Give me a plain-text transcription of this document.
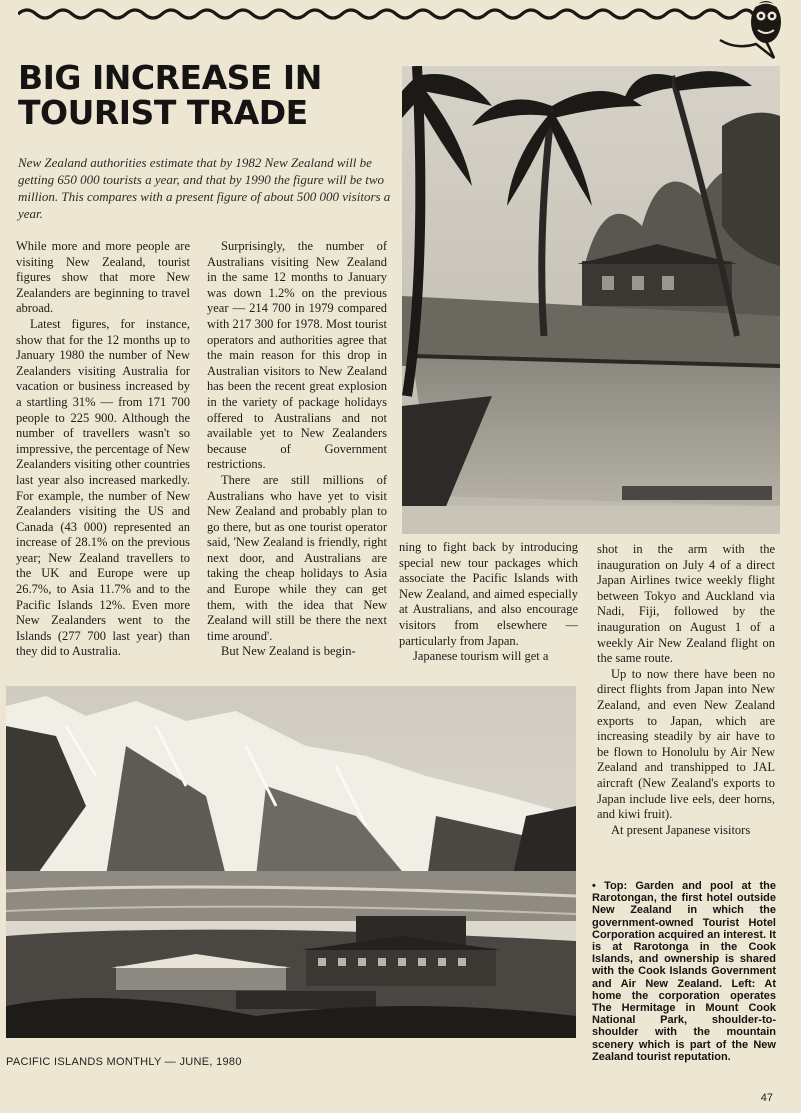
BIG INCREASE IN TOURIST TRADE

New Zealand authorities estimate that by 1982 New Zealand will be getting 650 000 tourists a year, and that by 1990 the figure will be two million. This compares with a present figure of about 500 000 visitors a year.

While more and more people are visiting New Zealand, tourist figures show that more New Zealanders are beginning to travel abroad.

Latest figures, for instance, show that for the 12 months up to January 1980 the number of New Zealanders visiting Australia for vacation or business increased by a startling 31% — from 171 700 people to 225 900. Although the number of travellers wasn't so impressive, the percentage of New Zealanders visiting other countries last year also increased markedly. For example, the number of New Zealanders visiting the US and Canada (43 000) represented an increase of 28.1% on the previous year; New Zealand travellers to the UK and Europe were up 26.7%, to Asia 11.7% and to the Pacific Islands 12%. Even more New Zealanders went to the Islands (277 700 last year) than they did to Australia.

Surprisingly, the number of Australians visiting New Zealand in the same 12 months to January was down 1.2% on the previous year — 214 700 in 1979 compared with 217 300 for 1978. Most tourist operators and authorities agree that the main reason for this drop in Australian visitors to New Zealand has been the recent great explosion in the variety of package holidays offered to Australians and not available yet to New Zealanders because of Government restrictions.

There are still millions of Australians who have yet to visit New Zealand and probably plan to go there, but as one tourist operator said, 'New Zealand is friendly, right next door, and Australians are taking the cheap holidays to Asia and Europe while they can get them, with the idea that New Zealand will still be there the next time around'.

But New Zealand is begin-

ning to fight back by introducing special new tour packages which associate the Pacific Islands with New Zealand, and aimed especially at Australians, and also encourage visitors from elsewhere — particularly from Japan.

Japanese tourism will get a

shot in the arm with the inauguration on July 4 of a direct Japan Airlines twice weekly flight between Tokyo and Auckland via Nadi, Fiji, followed by the inauguration on August 1 of a weekly Air New Zealand flight on the same route.

Up to now there have been no direct flights from Japan into New Zealand, and even New Zealand exports to Japan, which are increasing steadily by air have to be flown to Honolulu by Air New Zealand and transhipped to JAL aircraft (New Zealand's exports to Japan include live eels, deer horns, and kiwi fruit).

At present Japanese visitors

• Top: Garden and pool at the Rarotongan, the first hotel outside New Zealand in which the government-owned Tourist Hotel Corporation acquired an interest. It is at Rarotonga in the Cook Islands, and ownership is shared with the Cook Islands Government and Air New Zealand. Left: At home the corporation operates The Hermitage in Mount Cook National Park, shoulder-to-shoulder with the mountain scenery which is part of the New Zealand tourist reputation.

PACIFIC ISLANDS MONTHLY — JUNE, 1980
47
